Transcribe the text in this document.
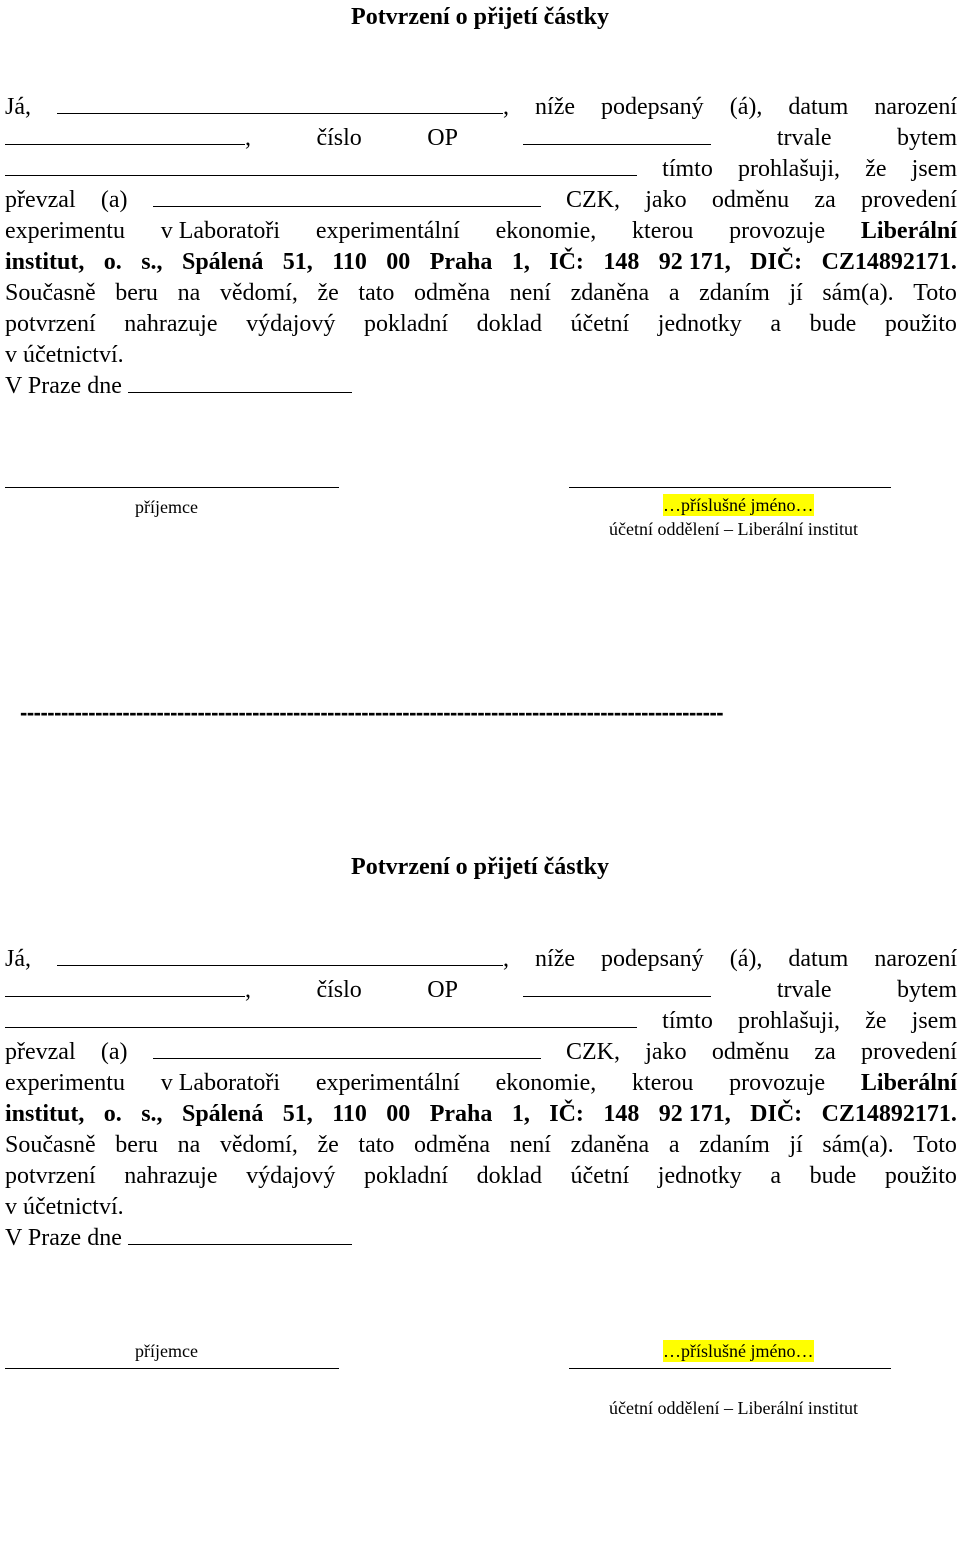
Potvrzení o přijetí částky
Já,	, níže podepsaný (á), datum narození
,	číslo	OP	trvale	bytem
tímto prohlašuji, že jsem
převzal (a)	CZK, jako odměnu za provedení
experimentu v Laboratoři experimentální ekonomie, kterou provozuje Liberální
institut, o. s., Spálená 51, 110 00 Praha 1, IČ: 148 92 171, DIČ: CZ14892171.
Současně beru na vědomí, že tato odměna není zdaněna a zdaním jí sám(a). Toto
potvrzení nahrazuje výdajový pokladní doklad účetní jednotky a bude použito
v účetnictví.
V Praze dne
příjemce	…příslušné jméno…
účetní oddělení – Liberální institut
-------------------------------------------------------------------------------------------------------
Potvrzení o přijetí částky
Já,	, níže podepsaný (á), datum narození
,	číslo	OP	trvale	bytem
tímto prohlašuji, že jsem
převzal (a)	CZK, jako odměnu za provedení
experimentu v Laboratoři experimentální ekonomie, kterou provozuje Liberální
institut, o. s., Spálená 51, 110 00 Praha 1, IČ: 148 92 171, DIČ: CZ14892171.
Současně beru na vědomí, že tato odměna není zdaněna a zdaním jí sám(a). Toto
potvrzení nahrazuje výdajový pokladní doklad účetní jednotky a bude použito
v účetnictví.
V Praze dne
příjemce	…příslušné jméno…
účetní oddělení – Liberální institut
